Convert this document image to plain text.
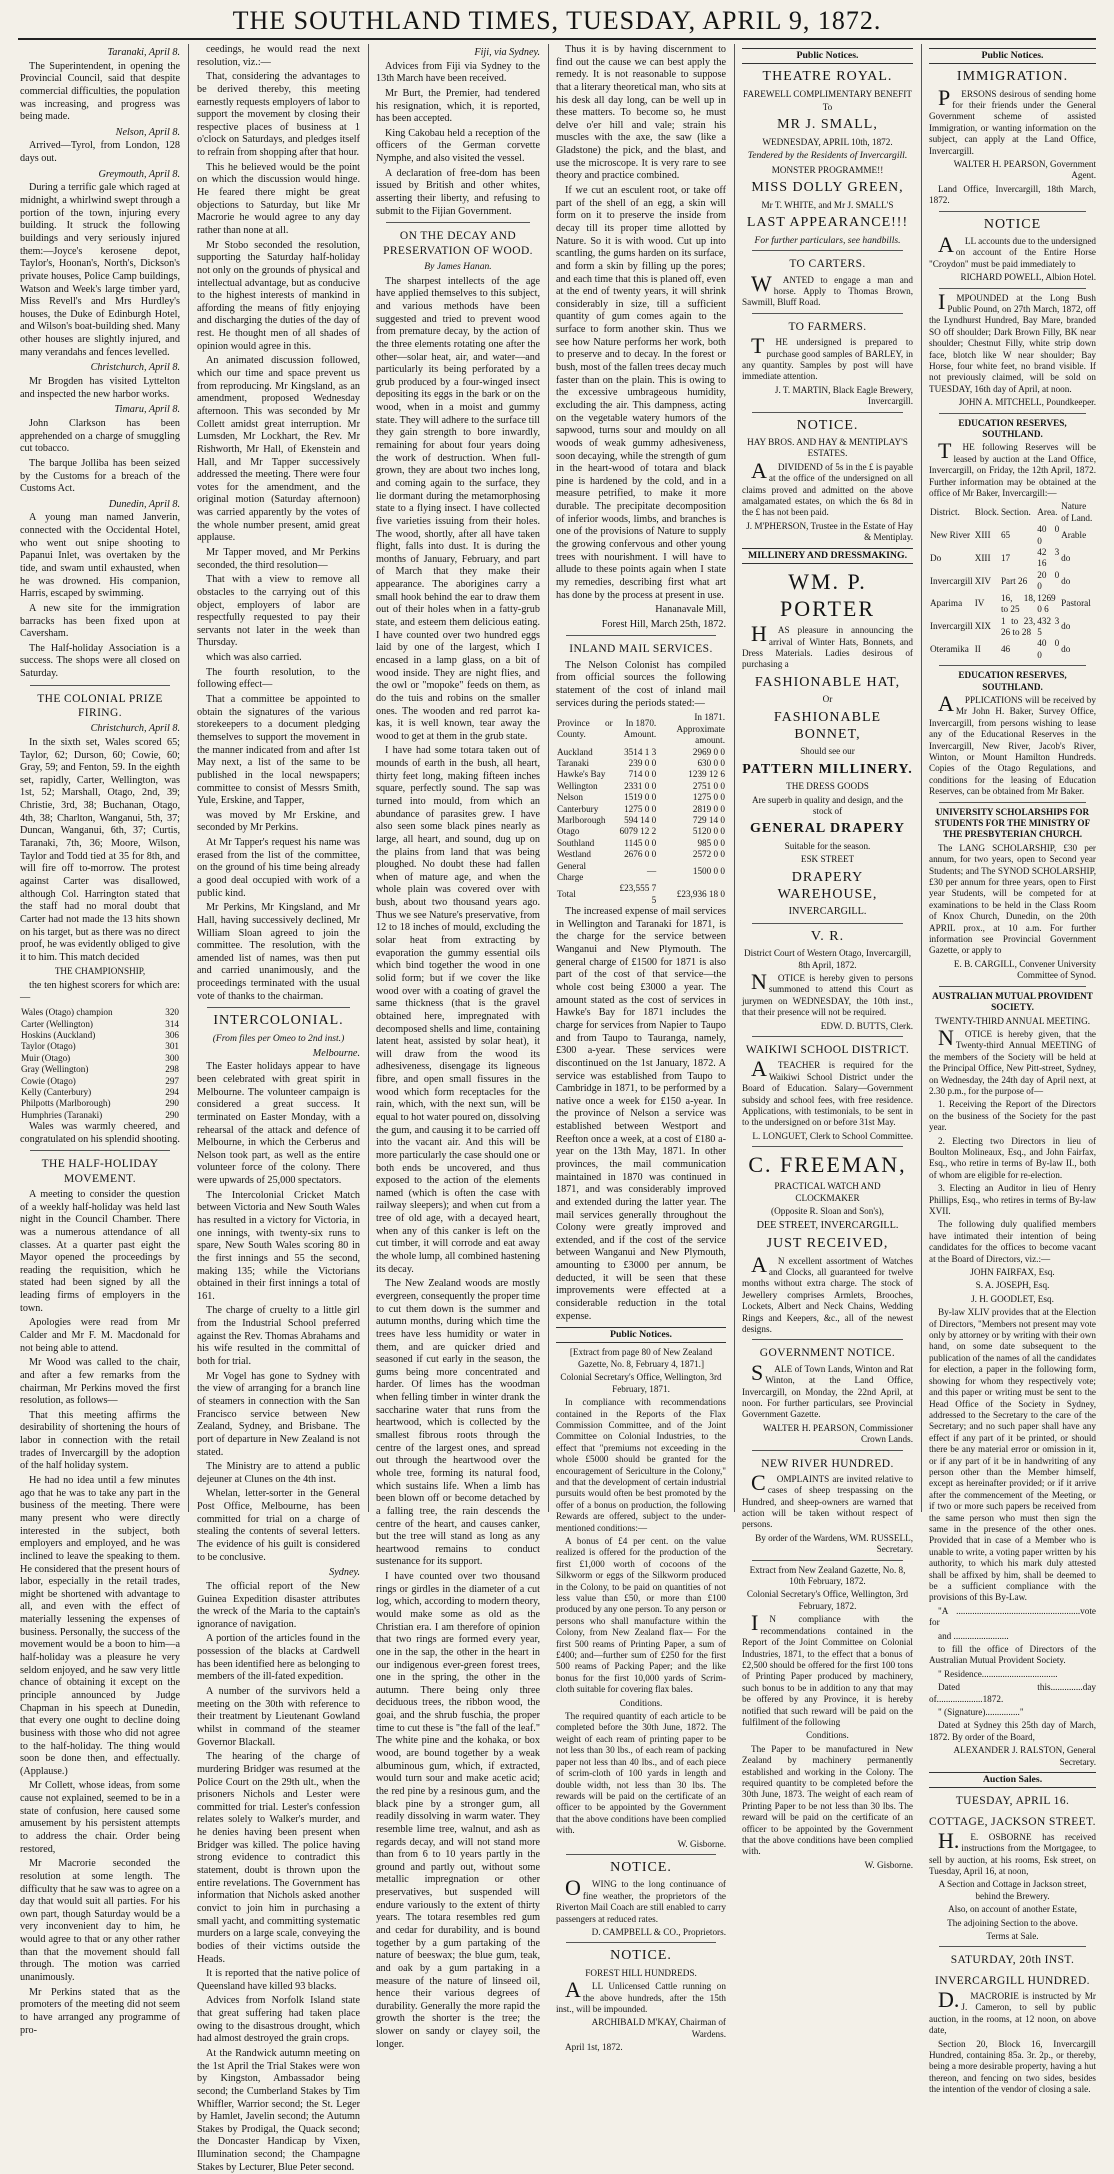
THE SOUTHLAND TIMES, TUESDAY, APRIL 9, 1872.

Taranaki, April 8.

The Superintendent, in opening the Provincial Council, said that despite commercial difficulties, the population was increasing, and progress was being made.

Nelson, April 8.

Arrived—Tyrol, from London, 128 days out.

Greymouth, April 8.

During a terrific gale which raged at midnight, a whirlwind swept through a portion of the town, injuring every building. It struck the following buildings and very seriously injured them:—Joyce's kerosene depot, Taylor's, Hoonan's, North's, Dickson's private houses, Police Camp buildings, Watson and Week's large timber yard, Miss Revell's and Mrs Hurdley's houses, the Duke of Edinburgh Hotel, and Wilson's boat-building shed. Many other houses are slightly injured, and many verandahs and fences levelled.

Christchurch, April 8.

Mr Brogden has visited Lyttelton and inspected the new harbor works.

Timaru, April 8.

John Clarkson has been apprehended on a charge of smuggling cut tobacco.

The barque Jolliba has been seized by the Customs for a breach of the Customs Act.

Dunedin, April 8.

A young man named Janverin, connected with the Occidental Hotel, who went out snipe shooting to Papanui Inlet, was overtaken by the tide, and swam until exhausted, when he was drowned. His companion, Harris, escaped by swimming.

A new site for the immigration barracks has been fixed upon at Caversham.

The Half-holiday Association is a success. The shops were all closed on Saturday.

THE COLONIAL PRIZE FIRING.

Christchurch, April 8.

In the sixth set, Wales scored 65; Taylor, 62; Durson, 60; Cowie, 60; Gray, 59; and Fenton, 59. In the eighth set, rapidly, Carter, Wellington, was 1st, 52; Marshall, Otago, 2nd, 39; Christie, 3rd, 38; Buchanan, Otago, 4th, 38; Charlton, Wanganui, 5th, 37; Duncan, Wanganui, 6th, 37; Curtis, Taranaki, 7th, 36; Moore, Wilson, Taylor and Todd tied at 35 for 8th, and will fire off to-morrow. The protest against Carter was disallowed, although Col. Harrington stated that the staff had no moral doubt that Carter had not made the 13 hits shown on his target, but as there was no direct proof, he was evidently obliged to give it to him. This match decided

THE CHAMPIONSHIP,

the ten highest scorers for which are:—

Wales (Otago) champion	320
Carter (Wellington)	314
Hoskins (Auckland)	306
Taylor (Otago)	301
Muir (Otago)	300
Gray (Wellington)	298
Cowie (Otago)	297
Kelly (Canterbury)	294
Philpotts (Marlborough)	290
Humphries (Taranaki)	290

Wales was warmly cheered, and congratulated on his splendid shooting.

THE HALF-HOLIDAY MOVEMENT.

A meeting to consider the question of a weekly half-holiday was held last night in the Council Chamber. There was a numerous attendance of all classes. At a quarter past eight the Mayor opened the proceedings by reading the requisition, which he stated had been signed by all the leading firms of employers in the town.

Apologies were read from Mr Calder and Mr F. M. Macdonald for not being able to attend.

Mr Wood was called to the chair, and after a few remarks from the chairman, Mr Perkins moved the first resolution, as follows—

That this meeting affirms the desirability of shortening the hours of labor in connection with the retail trades of Invercargill by the adoption of the half holiday system.

He had no idea until a few minutes ago that he was to take any part in the business of the meeting. There were many present who were directly interested in the subject, both employers and employed, and he was inclined to leave the speaking to them. He considered that the present hours of labor, especially in the retail trades, might be shortened with advantage to all, and even with the effect of materially lessening the expenses of business. Personally, the success of the movement would be a boon to him—a half-holiday was a pleasure he very seldom enjoyed, and he saw very little chance of obtaining it except on the principle announced by Judge Chapman in his speech at Dunedin, that every one ought to decline doing business with those who did not agree to the half-holiday. The thing would soon be done then, and effectually. (Applause.)

Mr Collett, whose ideas, from some cause not explained, seemed to be in a state of confusion, here caused some amusement by his persistent attempts to address the chair. Order being restored,

Mr Macrorie seconded the resolution at some length. The difficulty that he saw was to agree on a day that would suit all parties. For his own part, though Saturday would be a very inconvenient day to him, he would agree to that or any other rather than that the movement should fall through. The motion was carried unanimously.

Mr Perkins stated that as the promoters of the meeting did not seem to have arranged any programme of pro-

ceedings, he would read the next resolution, viz.:—

That, considering the advantages to be derived thereby, this meeting earnestly requests employers of labor to support the movement by closing their respective places of business at 1 o'clock on Saturdays, and pledges itself to refrain from shopping after that hour.

This he believed would be the point on which the discussion would hinge. He feared there might be great objections to Saturday, but like Mr Macrorie he would agree to any day rather than none at all.

Mr Stobo seconded the resolution, supporting the Saturday half-holiday not only on the grounds of physical and intellectual advantage, but as conducive to the highest interests of mankind in affording the means of fitly enjoying and discharging the duties of the day of rest. He thought men of all shades of opinion would agree in this.

An animated discussion followed, which our time and space prevent us from reproducing. Mr Kingsland, as an amendment, proposed Wednesday afternoon. This was seconded by Mr Collett amidst great interruption. Mr Lumsden, Mr Lockhart, the Rev. Mr Rishworth, Mr Hall, of Ekenstein and Hall, and Mr Tapper successively addressed the meeting. There were four votes for the amendment, and the original motion (Saturday afternoon) was carried apparently by the votes of the whole number present, amid great applause.

Mr Tapper moved, and Mr Perkins seconded, the third resolution—

That with a view to remove all obstacles to the carrying out of this object, employers of labor are respectfully requested to pay their servants not later in the week than Thursday.

which was also carried.

The fourth resolution, to the following effect—

That a committee be appointed to obtain the signatures of the various storekeepers to a document pledging themselves to support the movement in the manner indicated from and after 1st May next, a list of the same to be published in the local newspapers; committee to consist of Messrs Smith, Yule, Erskine, and Tapper,

was moved by Mr Erskine, and seconded by Mr Perkins.

At Mr Tapper's request his name was erased from the list of the committee, on the ground of his time being already a good deal occupied with work of a public kind.

Mr Perkins, Mr Kingsland, and Mr Hall, having successively declined, Mr William Sloan agreed to join the committee. The resolution, with the amended list of names, was then put and carried unanimously, and the proceedings terminated with the usual vote of thanks to the chairman.

INTERCOLONIAL.

(From files per Omeo to 2nd inst.)

Melbourne.

The Easter holidays appear to have been celebrated with great spirit in Melbourne. The volunteer campaign is considered a great success. It terminated on Easter Monday, with a rehearsal of the attack and defence of Melbourne, in which the Cerberus and Nelson took part, as well as the entire volunteer force of the colony. There were upwards of 25,000 spectators.

The Intercolonial Cricket Match between Victoria and New South Wales has resulted in a victory for Victoria, in one innings, with twenty-six runs to spare, New South Wales scoring 80 in the first innings and 55 the second, making 135; while the Victorians obtained in their first innings a total of 161.

The charge of cruelty to a little girl from the Industrial School preferred against the Rev. Thomas Abrahams and his wife resulted in the committal of both for trial.

Mr Vogel has gone to Sydney with the view of arranging for a branch line of steamers in connection with the San Francisco service between New Zealand, Sydney, and Brisbane. The port of departure in New Zealand is not stated.

The Ministry are to attend a public dejeuner at Clunes on the 4th inst.

Whelan, letter-sorter in the General Post Office, Melbourne, has been committed for trial on a charge of stealing the contents of several letters. The evidence of his guilt is considered to be conclusive.

Sydney.

The official report of the New Guinea Expedition disaster attributes the wreck of the Maria to the captain's ignorance of navigation.

A portion of the articles found in the possession of the blacks at Cardwell has been identified here as belonging to members of the ill-fated expedition.

A number of the survivors held a meeting on the 30th with reference to their treatment by Lieutenant Gowland whilst in command of the steamer Governor Blackall.

The hearing of the charge of murdering Bridger was resumed at the Police Court on the 29th ult., when the prisoners Nichols and Lester were committed for trial. Lester's confession relates solely to Walker's murder, and he denies having been present when Bridger was killed. The police having strong evidence to contradict this statement, doubt is thrown upon the entire revelations. The Government has information that Nichols asked another convict to join him in purchasing a small yacht, and committing systematic murders on a large scale, conveying the bodies of their victims outside the Heads.

It is reported that the native police of Queensland have killed 93 blacks.

Advices from Norfolk Island state that great suffering had taken place owing to the disastrous drought, which had almost destroyed the grain crops.

At the Randwick autumn meeting on the 1st April the Trial Stakes were won by Kingston, Ambassador being second; the Cumberland Stakes by Tim Whiffler, Warrior second; the St. Leger by Hamlet, Javelin second; the Autumn Stakes by Prodigal, the Quack second; the Doncaster Handicap by Vixen, Illumination second; the Champagne Stakes by Lecturer, Blue Peter second.

Fiji, via Sydney.

Advices from Fiji via Sydney to the 13th March have been received.

Mr Burt, the Premier, had tendered his resignation, which, it is reported, has been accepted.

King Cakobau held a reception of the officers of the German corvette Nymphe, and also visited the vessel.

A declaration of free-dom has been issued by British and other whites, asserting their liberty, and refusing to submit to the Fijian Government.

ON THE DECAY AND PRESERVATION OF WOOD.

By James Hanan.

The sharpest intellects of the age have applied themselves to this subject, and various methods have been suggested and tried to prevent wood from premature decay, by the action of the three elements rotating one after the other—solar heat, air, and water—and particularly its being perforated by a grub produced by a four-winged insect depositing its eggs in the bark or on the wood, when in a moist and gummy state. They will adhere to the surface till they gain strength to bore inwardly, remaining for about four years doing the work of destruction. When full-grown, they are about two inches long, and coming again to the surface, they lie dormant during the metamorphosing state to a flying insect. I have collected five varieties issuing from their holes. The wood, shortly, after all have taken flight, falls into dust. It is during the months of January, February, and part of March that they make their appearance. The aborigines carry a small hook behind the ear to draw them out of their holes when in a fatty-grub state, and esteem them delicious eating. I have counted over two hundred eggs laid by one of the largest, which I encased in a lamp glass, on a bit of wood inside. They are night flies, and the owl or "mopoke" feeds on them, as do the tuis and robins on the smaller ones. The wooden and red parrot ka-kas, it is well known, tear away the wood to get at them in the grub state.

I have had some totara taken out of mounds of earth in the bush, all heart, thirty feet long, making fifteen inches square, perfectly sound. The sap was turned into mould, from which an abundance of parasites grew. I have also seen some black pines nearly as large, all heart, and sound, dug up on the plains from land that was being ploughed. No doubt these had fallen when of mature age, and when the whole plain was covered over with bush, about two thousand years ago. Thus we see Nature's preservative, from 12 to 18 inches of mould, excluding the solar heat from extracting by evaporation the gummy essential oils which bind together the wood in one solid form; but if we cover the like wood over with a coating of gravel the same thickness (that is the gravel obtained here, impregnated with decomposed shells and lime, containing latent heat, assisted by solar heat), it will draw from the wood its adhesiveness, disengage its ligneous fibre, and open small fissures in the wood which form receptacles for the rain, which, with the next sun, will be equal to hot water poured on, dissolving the gum, and causing it to be carried off into the vacant air. And this will be more particularly the case should one or both ends be uncovered, and thus exposed to the action of the elements named (which is often the case with railway sleepers); and when cut from a tree of old age, with a decayed heart, when any of this canker is left on the cut timber, it will corrode and eat away the whole lump, all combined hastening its decay.

The New Zealand woods are mostly evergreen, consequently the proper time to cut them down is the summer and autumn months, during which time the trees have less humidity or water in them, and are quicker dried and seasoned if cut early in the season, the gums being more concentrated and harder. Of limes has the woodman when felling timber in winter drank the saccharine water that runs from the heartwood, which is collected by the smallest fibrous roots through the centre of the largest ones, and spread out through the heartwood over the whole tree, forming its natural food, which sustains life. When a limb has been blown off or become detached by a falling tree, the rain descends the centre of the heart, and causes canker, but the tree will stand as long as any heartwood remains to conduct sustenance for its support.

I have counted over two thousand rings or girdles in the diameter of a cut log, which, according to modern theory, would make some as old as the Christian era. I am therefore of opinion that two rings are formed every year, one in the sap, the other in the heart in our indigenous ever-green forest trees, one in the spring, the other in the autumn. There being only three deciduous trees, the ribbon wood, the goai, and the shrub fuschia, the proper time to cut these is "the fall of the leaf." The white pine and the kohaka, or box wood, are bound together by a weak albuminous gum, which, if extracted, would turn sour and make acetic acid; the red pine by a resinous gum, and the black pine by a stronger gum, all readily dissolving in warm water. They resemble lime tree, walnut, and ash as regards decay, and will not stand more than from 6 to 10 years partly in the ground and partly out, without some metallic impregnation or other preservatives, but suspended will endure variously to the extent of thirty years. The totara resembles red gum and cedar for durability, and is bound together by a gum partaking of the nature of beeswax; the blue gum, teak, and oak by a gum partaking in a measure of the nature of linseed oil, hence their various degrees of durability. Generally the more rapid the growth the shorter is the tree; the slower on sandy or clayey soil, the longer.

Thus it is by having discernment to find out the cause we can best apply the remedy. It is not reasonable to suppose that a literary theoretical man, who sits at his desk all day long, can be well up in these matters. To become so, he must delve o'er hill and vale; strain his muscles with the axe, the saw (like a Gladstone) the pick, and the blast, and use the microscope. It is very rare to see theory and practice combined.

If we cut an esculent root, or take off part of the shell of an egg, a skin will form on it to preserve the inside from decay till its proper time allotted by Nature. So it is with wood. Cut up into scantling, the gums harden on its surface, and form a skin by filling up the pores; and each time that this is planed off, even at the end of twenty years, it will shrink considerably in size, till a sufficient quantity of gum comes again to the surface to form another skin. Thus we see how Nature performs her work, both to preserve and to decay. In the forest or bush, most of the fallen trees decay much faster than on the plain. This is owing to the excessive umbrageous humidity, excluding the air. This dampness, acting on the vegetable watery humors of the sapwood, turns sour and mouldy on all woods of weak gummy adhesiveness, soon decaying, while the strength of gum in the heart-wood of totara and black pine is hardened by the cold, and in a measure petrified, to make it more durable. The precipitate decomposition of inferior woods, limbs, and branches is one of the provisions of Nature to supply the growing confervous and other young trees with nourishment. I will have to allude to these points again when I state my remedies, describing first what art has done by the process at present in use.

Hananavale Mill,

Forest Hill, March 25th, 1872.

INLAND MAIL SERVICES.

The Nelson Colonist has compiled from official sources the following statement of the cost of inland mail services during the periods stated:—

Province or County.	In 1870. Amount.	In 1871. Approximate amount.
Auckland	3514 1 3	2969 0 0
Taranaki	239 0 0	630 0 0
Hawke's Bay	714 0 0	1239 12 6
Wellington	2331 0 0	2751 0 0
Nelson	1519 0 0	1275 0 0
Canterbury	1275 0 0	2819 0 0
Marlborough	594 14 0	729 14 0
Otago	6079 12 2	5120 0 0
Southland	1145 0 0	985 0 0
Westland	2676 0 0	2572 0 0
General Charge	—	1500 0 0
Total	£23,555 7 5	£23,936 18 0

The increased expense of mail services in Wellington and Taranaki for 1871, is the charge for the service between Wanganui and New Plymouth. The general charge of £1500 for 1871 is also part of the cost of that service—the whole cost being £3000 a year. The amount stated as the cost of services in Hawke's Bay for 1871 includes the charge for services from Napier to Taupo and from Taupo to Tauranga, namely, £300 a-year. These services were discontinued on the 1st January, 1872. A service was established from Taupo to Cambridge in 1871, to be performed by a native once a week for £150 a-year. In the province of Nelson a service was established between Westport and Reefton once a week, at a cost of £180 a-year on the 13th May, 1871. In other provinces, the mail communication maintained in 1870 was continued in 1871, and was considerably improved and extended during the latter year. The mail services generally throughout the Colony were greatly improved and extended, and if the cost of the service between Wanganui and New Plymouth, amounting to £3000 per annum, be deducted, it will be seen that these improvements were effected at a considerable reduction in the total expense.

Public Notices.

[Extract from page 80 of New Zealand Gazette, No. 8, February 4, 1871.]

Colonial Secretary's Office, Wellington, 3rd February, 1871.

In compliance with recommendations contained in the Reports of the Flax Commission Committee, and of the Joint Committee on Colonial Industries, to the effect that "premiums not exceeding in the whole £5000 should be granted for the encouragement of Sericulture in the Colony," and that the development of certain industrial pursuits would often be best promoted by the offer of a bonus on production, the following Rewards are offered, subject to the under-mentioned conditions:—

A bonus of £4 per cent. on the value realized is offered for the production of the first £1,000 worth of cocoons of the Silkworm or eggs of the Silkworm produced in the Colony, to be paid on quantities of not less value than £50, or more than £100 produced by any one person. To any person or persons who shall manufacture within the Colony, from New Zealand flax— For the first 500 reams of Printing Paper, a sum of £400; and—further sum of £250 for the first 500 reams of Packing Paper; and the like bonus for the first 10,000 yards of Scrim-cloth suitable for covering flax bales.

Conditions.

The required quantity of each article to be completed before the 30th June, 1872. The weight of each ream of printing paper to be not less than 30 lbs., of each ream of packing paper not less than 40 lbs., and of each piece of scrim-cloth of 100 yards in length and double width, not less than 30 lbs. The rewards will be paid on the certificate of an officer to be appointed by the Government that the above conditions have been complied with.

W. Gisborne.

NOTICE.

OWING to the long continuance of fine weather, the proprietors of the Riverton Mail Coach are still enabled to carry passengers at reduced rates.

D. CAMPBELL & CO., Proprietors.

NOTICE.

FOREST HILL HUNDREDS.

ALL Unlicensed Cattle running on the above hundreds, after the 15th inst., will be impounded.

ARCHIBALD M'KAY, Chairman of Wardens.

April 1st, 1872.

Public Notices.

THEATRE ROYAL.

FAREWELL COMPLIMENTARY BENEFIT

To

MR J. SMALL,

WEDNESDAY, APRIL 10th, 1872.

Tendered by the Residents of Invercargill.

MONSTER PROGRAMME!!

MISS DOLLY GREEN,

Mr T. WHITE, and Mr J. SMALL'S

LAST APPEARANCE!!!

For further particulars, see handbills.

TO CARTERS.

WANTED to engage a man and horse. Apply to Thomas Brown, Sawmill, Bluff Road.

TO FARMERS.

THE undersigned is prepared to purchase good samples of BARLEY, in any quantity. Samples by post will have immediate attention.

J. T. MARTIN, Black Eagle Brewery, Invercargill.

NOTICE.

HAY BROS. AND HAY & MENTIPLAY'S ESTATES.

ADIVIDEND of 5s in the £ is payable at the office of the undersigned on all claims proved and admitted on the above amalgamated estates, on which the 6s 8d in the £ has not been paid.

J. M'PHERSON, Trustee in the Estate of Hay & Mentiplay.

MILLINERY AND DRESSMAKING.

WM. P. PORTER

HAS pleasure in announcing the arrival of Winter Hats, Bonnets, and Dress Materials. Ladies desirous of purchasing a

FASHIONABLE HAT,

Or

FASHIONABLE BONNET,

Should see our

PATTERN MILLINERY.

THE DRESS GOODS

Are superb in quality and design, and the stock of

GENERAL DRAPERY

Suitable for the season.

ESK STREET

DRAPERY WAREHOUSE,

INVERCARGILL.

V. R.

District Court of Western Otago, Invercargill, 8th April, 1872.

NOTICE is hereby given to persons summoned to attend this Court as jurymen on WEDNESDAY, the 10th inst., that their presence will not be required.

EDW. D. BUTTS, Clerk.

WAIKIWI SCHOOL DISTRICT.

ATEACHER is required for the Waikiwi School District under the Board of Education. Salary—Government subsidy and school fees, with free residence. Applications, with testimonials, to be sent in to the undersigned on or before 31st May.

L. LONGUET, Clerk to School Committee.

C. FREEMAN,

PRACTICAL WATCH AND CLOCKMAKER

(Opposite R. Sloan and Son's),

DEE STREET, INVERCARGILL.

JUST RECEIVED,

AN excellent assortment of Watches and Clocks, all guaranteed for twelve months without extra charge. The stock of Jewellery comprises Armlets, Brooches, Lockets, Albert and Neck Chains, Wedding Rings and Keepers, &c., all of the newest designs.

GOVERNMENT NOTICE.

SALE of Town Lands, Winton and Rat Winton, at the Land Office, Invercargill, on Monday, the 22nd April, at noon. For further particulars, see Provincial Government Gazette.

WALTER H. PEARSON, Commissioner Crown Lands.

NEW RIVER HUNDRED.

COMPLAINTS are invited relative to cases of sheep trespassing on the Hundred, and sheep-owners are warned that action will be taken without respect of persons.

By order of the Wardens, WM. RUSSELL, Secretary.

Extract from New Zealand Gazette, No. 8, 10th February, 1872.

Colonial Secretary's Office, Wellington, 3rd February, 1872.

IN compliance with the recommendations contained in the Report of the Joint Committee on Colonial Industries, 1871, to the effect that a bonus of £2,500 should be offered for the first 100 tons of Printing Paper produced by machinery, such bonus to be in addition to any that may be offered by any Province, it is hereby notified that such reward will be paid on the fulfilment of the following

Conditions.

The Paper to be manufactured in New Zealand by machinery permanently established and working in the Colony. The required quantity to be completed before the 30th June, 1873. The weight of each ream of Printing Paper to be not less than 30 lbs. The reward will be paid on the certificate of an officer to be appointed by the Government that the above conditions have been complied with.

W. Gisborne.

Public Notices.

IMMIGRATION.

PERSONS desirous of sending home for their friends under the General Government scheme of assisted Immigration, or wanting information on the subject, can apply at the Land Office, Invercargill.

WALTER H. PEARSON, Government Agent.

Land Office, Invercargill, 18th March, 1872.

NOTICE

ALL accounts due to the undersigned on account of the Entire Horse "Croydon" must be paid immediately to

RICHARD POWELL, Albion Hotel.

IMPOUNDED at the Long Bush Public Pound, on 27th March, 1872, off the Lyndhurst Hundred, Bay Mare, branded SO off shoulder; Dark Brown Filly, BK near shoulder; Chestnut Filly, white strip down face, blotch like W near shoulder; Bay Horse, four white feet, no brand visible. If not previously claimed, will be sold on TUESDAY, 16th day of April, at noon.

JOHN A. MITCHELL, Poundkeeper.

EDUCATION RESERVES, SOUTHLAND.

THE following Reserves will be leased by auction at the Land Office, Invercargill, on Friday, the 12th April, 1872. Further information may be obtained at the office of Mr Baker, Invercargill:—

District.	Block.	Section.	Area.	Nature of Land.
New River	XIII	65	40 0 0	Arable
Do	XIII	17	42 3 16	do
Invercargill	XIV	Part 26	20 0 0	do
Aparima	IV	16, 18, to 25	1269 0 6	Pastoral
Invercargill	XIX	1 to 23, 26 to 28	432 3 5	do
Oteramika	II	46	40 0 0	do

EDUCATION RESERVES, SOUTHLAND.

APPLICATIONS will be received by Mr John H. Baker, Survey Office, Invercargill, from persons wishing to lease any of the Educational Reserves in the Invercargill, New River, Jacob's River, Winton, or Mount Hamilton Hundreds. Copies of the Otago Regulations, and conditions for the leasing of Education Reserves, can be obtained from Mr Baker.

UNIVERSITY SCHOLARSHIPS FOR STUDENTS FOR THE MINISTRY OF THE PRESBYTERIAN CHURCH.

The LANG SCHOLARSHIP, £30 per annum, for two years, open to Second year Students; and The SYNOD SCHOLARSHIP, £30 per annum for three years, open to First year Students, will be competed for at examinations to be held in the Class Room of Knox Church, Dunedin, on the 20th APRIL prox., at 10 a.m. For further information see Provincial Government Gazette, or apply to

E. B. CARGILL, Convener University Committee of Synod.

AUSTRALIAN MUTUAL PROVIDENT SOCIETY.

TWENTY-THIRD ANNUAL MEETING.

NOTICE is hereby given, that the Twenty-third Annual MEETING of the members of the Society will be held at the Principal Office, New Pitt-street, Sydney, on Wednesday, the 24th day of April next, at 2.30 p.m., for the purpose of—

1. Receiving the Report of the Directors on the business of the Society for the past year.

2. Electing two Directors in lieu of Boulton Molineaux, Esq., and John Fairfax, Esq., who retire in terms of By-law II., both of whom are eligible for re-election.

3. Electing an Auditor in lieu of Henry Phillips, Esq., who retires in terms of By-law XVII.

The following duly qualified members have intimated their intention of being candidates for the offices to become vacant at the Board of Directors, viz.:—

JOHN FAIRFAX, Esq.

S. A. JOSEPH, Esq.

J. H. GOODLET, Esq.

By-law XLIV provides that at the Election of Directors, "Members not present may vote only by attorney or by writing with their own hand, on some date subsequent to the publication of the names of all the candidates for election, a paper in the following form, showing for whom they respectively vote; and this paper or writing must be sent to the Head Office of the Society in Sydney, addressed to the Secretary to the care of the Secretary; and no such paper shall have any effect if any part of it be printed, or should there be any material error or omission in it, or if any part of it be in handwriting of any person other than the Member himself, except as hereinafter provided; or if it arrive after the commencement of the Meeting, or if two or more such papers be received from the same person who must then sign the same in the presence of the other ones. Provided that in case of a Member who is unable to write, a voting paper written by his authority, to which his mark duly attested shall be affixed by him, shall be deemed to be a sufficient compliance with the provisions of this By-Law.

"A ......................................................vote for

and ........................

to fill the office of Directors of the Australian Mutual Provident Society.

" Residence.................................

Dated this..............day of....................1872.

" (Signature)..............."

Dated at Sydney this 25th day of March, 1872. By order of the Board,

ALEXANDER J. RALSTON, General Secretary.

Auction Sales.

TUESDAY, APRIL 16.

COTTAGE, JACKSON STREET.

H.E. OSBORNE has received instructions from the Mortgagee, to sell by auction, at his rooms, Esk street, on Tuesday, April 16, at noon,

A Section and Cottage in Jackson street, behind the Brewery.

Also, on account of another Estate,

The adjoining Section to the above.

Terms at Sale.

SATURDAY, 20th INST.

INVERCARGILL HUNDRED.

D.MACRORIE is instructed by Mr J. Cameron, to sell by public auction, in the rooms, at 12 noon, on above date,

Section 20, Block 16, Invercargill Hundred, containing 85a. 3r. 2p., or thereby, being a more desirable property, having a hut thereon, and fencing on two sides, besides the intention of the vendor of closing a sale.
